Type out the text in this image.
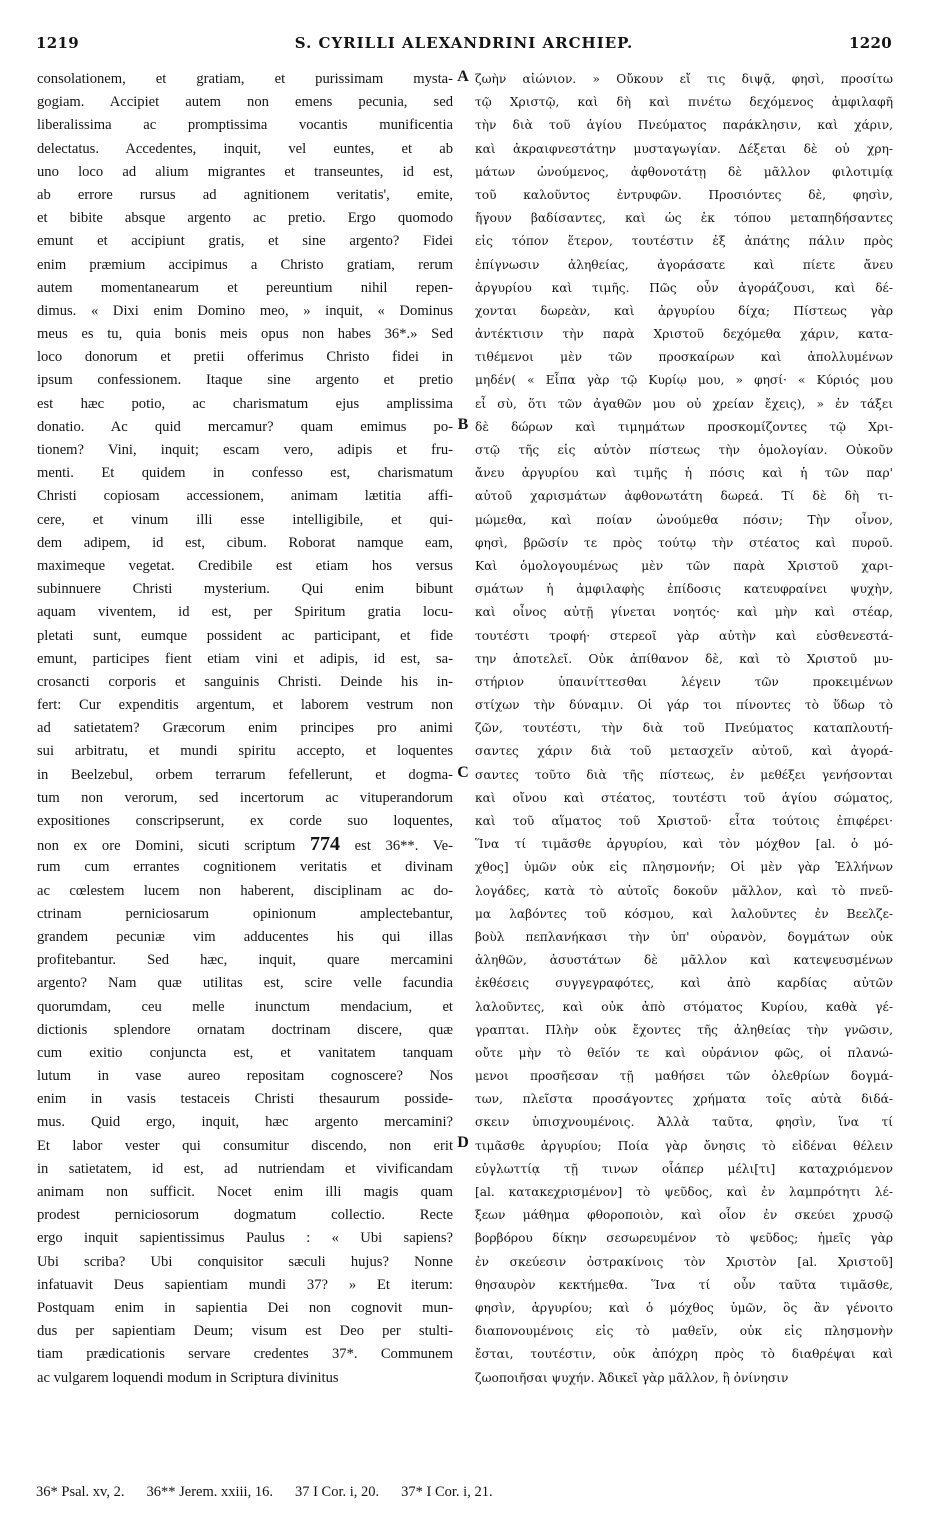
1219	S. CYRILLI ALEXANDRINI ARCHIEP.	1220
consolationem, et gratiam, et purissimam mysta-
gogiam. Accipiet autem non emens pecunia, sed
liberalissima ac promptissima vocantis munificentia
delectatus. Accedentes, inquit, vel euntes, et ab
uno loco ad alium migrantes et transeuntes, id est,
ab errore rursus ad agnitionem veritatis', emite,
et bibite absque argento ac pretio. Ergo quomodo
emunt et accipiunt gratis, et sine argento? Fidei
enim præmium accipimus a Christo gratiam, rerum
autem momentanearum et pereuntium nihil repen-
dimus. « Dixi enim Domino meo, » inquit, « Dominus
meus es tu, quia bonis meis opus non habes 36*.» Sed
loco donorum et pretii offerimus Christo fidei in
ipsum confessionem. Itaque sine argento et pretio
est hæc potio, ac charismatum ejus amplissima
donatio. Ac quid mercamur? quam emimus po-
tionem? Vini, inquit; escam vero, adipis et fru-
menti. Et quidem in confesso est, charismatum
Christi copiosam accessionem, animam lætitia affi-
cere, et vinum illi esse intelligibile, et qui-
dem adipem, id est, cibum. Roborat namque eam,
maximeque vegetat. Credibile est etiam hos versus
subinnuere Christi mysterium. Qui enim bibunt
aquam viventem, id est, per Spiritum gratia locu-
pletati sunt, eumque possident ac participant, et fide
emunt, participes fient etiam vini et adipis, id est, sa-
crosancti corporis et sanguinis Christi. Deinde his in-
fert: Cur expenditis argentum, et laborem vestrum non
ad satietatem? Græcorum enim principes pro animi
sui arbitratu, et mundi spiritu accepto, et loquentes
in Beelzebul, orbem terrarum fefellerunt, et dogma-
tum non verorum, sed incertorum ac vituperandorum
expositiones conscripserunt, ex corde suo loquentes,
non ex ore Domini, sicuti scriptum 774 est 36**. Ve-
rum cum errantes cognitionem veritatis et divinam
ac cœlestem lucem non haberent, disciplinam ac do-
ctrinam perniciosarum opinionum amplectebantur,
grandem pecuniæ vim adducentes his qui illas
profitebantur. Sed hæc, inquit, quare mercamini
argento? Nam quæ utilitas est, scire velle facundia
quorumdam, ceu melle inunctum mendacium, et
dictionis splendore ornatam doctrinam discere, quæ
cum exitio conjuncta est, et vanitatem tanquam
lutum in vase aureo repositam cognoscere? Nos
enim in vasis testaceis Christi thesaurum posside-
mus. Quid ergo, inquit, hæc argento mercamini?
Et labor vester qui consumitur discendo, non erit
in satietatem, id est, ad nutriendam et vivificandam
animam non sufficit. Nocet enim illi magis quam
prodest perniciosorum dogmatum collectio. Recte
ergo inquit sapientissimus Paulus : « Ubi sapiens?
Ubi scriba? Ubi conquisitor sæculi hujus? Nonne
infatuavit Deus sapientiam mundi 37? » Et iterum:
Postquam enim in sapientia Dei non cognovit mun-
dus per sapientiam Deum; visum est Deo per stulti-
tiam prædicationis servare credentes 37*. Communem
ac vulgarem loquendi modum in Scriptura divinitus
A
B
C
D
ζωὴν αἰώνιον. » Οὔκουν εἴ τις διψᾷ, φησὶ, προσίτω
τῷ Χριστῷ, καὶ δὴ καὶ πινέτω δεχόμενος ἀμφιλαφῆ
τὴν διὰ τοῦ ἁγίου Πνεύματος παράκλησιν, καὶ χάριν,
καὶ ἀκραιφνεστάτην μυσταγωγίαν. Δέξεται δὲ οὐ χρη-
μάτων ὠνούμενος, ἀφθονοτάτῃ δὲ μᾶλλον φιλοτιμίᾳ
τοῦ καλοῦντος ἐντρυφῶν. Προσιόντες δὲ, φησὶν,
ἤγουν βαδίσαντες, καὶ ὡς ἐκ τόπου μεταπηδήσαντες
εἰς τόπον ἕτερον, τουτέστιν ἐξ ἀπάτης πάλιν πρὸς
ἐπίγνωσιν ἀληθείας, ἀγοράσατε καὶ πίετε ἄνευ
ἀργυρίου καὶ τιμῆς. Πῶς οὖν ἀγοράζουσι, καὶ δέ-
χονται δωρεὰν, καὶ ἀργυρίου δίχα; Πίστεως γὰρ
ἀντέκτισιν τὴν παρὰ Χριστοῦ δεχόμεθα χάριν, κατα-
τιθέμενοι μὲν τῶν προσκαίρων καὶ ἀπολλυμένων
μηδέν( « Εἶπα γὰρ τῷ Κυρίῳ μου, » φησί· « Κύριός μου
εἶ σὺ, ὅτι τῶν ἀγαθῶν μου οὐ χρείαν ἔχεις), » ἐν τάξει
δὲ δώρων καὶ τιμημάτων προσκομίζοντες τῷ Χρι-
στῷ τῆς εἰς αὐτὸν πίστεως τὴν ὁμολογίαν. Οὐκοῦν
ἄνευ ἀργυρίου καὶ τιμῆς ἡ πόσις καὶ ἡ τῶν παρ'
αὐτοῦ χαρισμάτων ἀφθονωτάτη δωρεά. Τί δὲ δὴ τι-
μώμεθα, καὶ ποίαν ὠνούμεθα πόσιν; Τὴν οἶνον,
φησὶ, βρῶσίν τε πρὸς τούτῳ τὴν στέατος καὶ πυροῦ.
Καὶ ὁμολογουμένως μὲν τῶν παρὰ Χριστοῦ χαρι-
σμάτων ἡ ἀμφιλαφὴς ἐπίδοσις κατευφραίνει ψυχὴν,
καὶ οἶνος αὐτῇ γίνεται νοητός· καὶ μὴν καὶ στέαρ,
τουτέστι τροφή· στερεοῖ γὰρ αὐτὴν καὶ εὐσθενεστά-
την ἀποτελεῖ. Οὐκ ἀπίθανον δὲ, καὶ τὸ Χριστοῦ μυ-
στήριον ὑπαινίττεσθαι λέγειν τῶν προκειμένων
στίχων τὴν δύναμιν. Οἱ γάρ τοι πίνοντες τὸ ὕδωρ τὸ
ζῶν, τουτέστι, τὴν διὰ τοῦ Πνεύματος καταπλουτή-
σαντες χάριν διὰ τοῦ μετασχεῖν αὐτοῦ, καὶ ἀγορά-
σαντες τοῦτο διὰ τῆς πίστεως, ἐν μεθέξει γενήσονται
καὶ οἴνου καὶ στέατος, τουτέστι τοῦ ἁγίου σώματος,
καὶ τοῦ αἵματος τοῦ Χριστοῦ· εἶτα τούτοις ἐπιφέρει·
Ἵνα τί τιμᾶσθε ἀργυρίου, καὶ τὸν μόχθον [al. ὁ μό-
χθος] ὑμῶν οὐκ εἰς πλησμονήν; Οἱ μὲν γὰρ Ἑλλήνων
λογάδες, κατὰ τὸ αὐτοῖς δοκοῦν μᾶλλον, καὶ τὸ πνεῦ-
μα λαβόντες τοῦ κόσμου, καὶ λαλοῦντες ἐν Βεελζε-
βοὺλ πεπλανήκασι τὴν ὑπ' οὐρανὸν, δογμάτων οὐκ
ἀληθῶν, ἀσυστάτων δὲ μᾶλλον καὶ κατεψευσμένων
ἐκθέσεις συγγεγραφότες, καὶ ἀπὸ καρδίας αὐτῶν
λαλοῦντες, καὶ οὐκ ἀπὸ στόματος Κυρίου, καθὰ γέ-
γραπται. Πλὴν οὐκ ἔχοντες τῆς ἀληθείας τὴν γνῶσιν,
οὔτε μὴν τὸ θεῖόν τε καὶ οὐράνιον φῶς, οἱ πλανώ-
μενοι προσῆεσαν τῇ μαθήσει τῶν ὀλεθρίων δογμά-
των, πλεῖστα προσάγοντες χρήματα τοῖς αὐτὰ διδά-
σκειν ὑπισχνουμένοις. Ἀλλὰ ταῦτα, φησὶν, ἵνα τί
τιμᾶσθε ἀργυρίου; Ποία γὰρ ὄνησις τὸ εἰδέναι θέλειν
εὐγλωττίᾳ τῇ τινων οἷάπερ μέλι[τι] καταχριόμενον
[al. κατακεχρισμένον] τὸ ψεῦδος, καὶ ἐν λαμπρότητι λέ-
ξεων μάθημα φθοροποιὸν, καὶ οἷον ἐν σκεύει χρυσῷ
βορβόρου δίκην σεσωρευμένον τὸ ψεῦδος; ἡμεῖς γὰρ
ἐν σκεύεσιν ὀστρακίνοις τὸν Χριστὸν [al. Χριστοῦ]
θησαυρὸν κεκτήμεθα. Ἵνα τί οὖν ταῦτα τιμᾶσθε,
φησὶν, ἀργυρίου; καὶ ὁ μόχθος ὑμῶν, ὃς ἂν γένοιτο
διαπονουμένοις εἰς τὸ μαθεῖν, οὐκ εἰς πλησμονὴν
ἔσται, τουτέστιν, οὐκ ἀπόχρη πρὸς τὸ διαθρέψαι καὶ
ζωοποιῆσαι ψυχήν. Ἀδικεῖ γὰρ μᾶλλον, ἢ ὀνίνησιν
36* Psal. xv, 2. 36** Jerem. xxiii, 16. 37 I Cor. i, 20. 37* I Cor. i, 21.
